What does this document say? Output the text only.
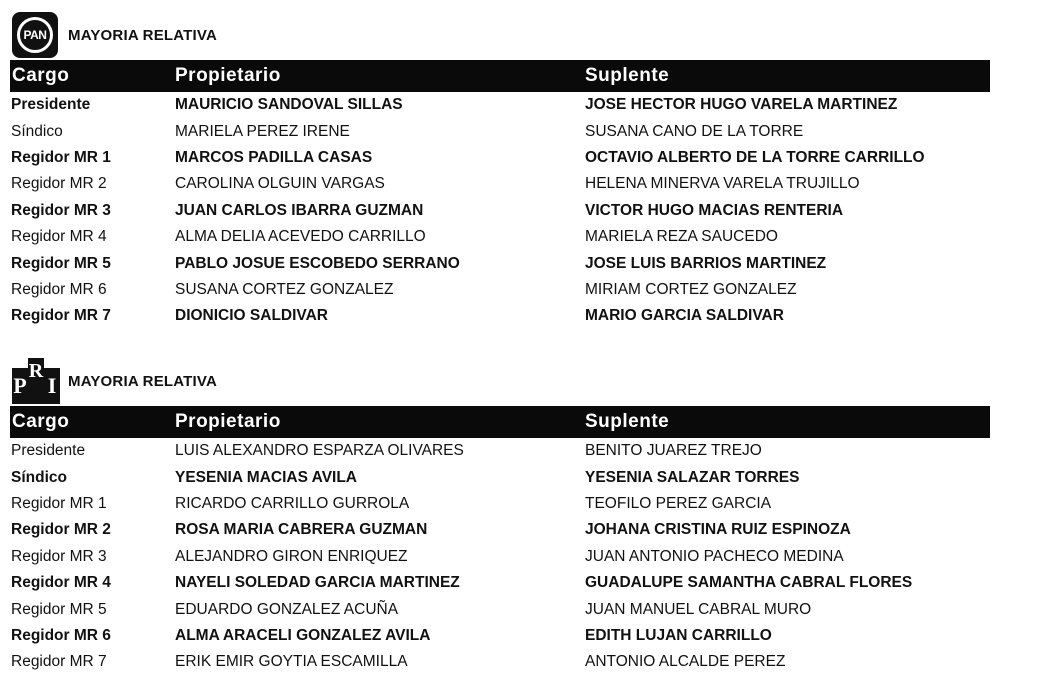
PAN	MAYORIA RELATIVA
Cargo	Propietario	Suplente
Presidente	MAURICIO SANDOVAL SILLAS	JOSE HECTOR HUGO VARELA MARTINEZ
Síndico	MARIELA PEREZ IRENE	SUSANA CANO DE LA TORRE
Regidor MR 1	MARCOS PADILLA CASAS	OCTAVIO ALBERTO DE LA TORRE CARRILLO
Regidor MR 2	CAROLINA OLGUIN VARGAS	HELENA MINERVA VARELA TRUJILLO
Regidor MR 3	JUAN CARLOS IBARRA GUZMAN	VICTOR HUGO MACIAS RENTERIA
Regidor MR 4	ALMA DELIA ACEVEDO CARRILLO	MARIELA REZA SAUCEDO
Regidor MR 5	PABLO JOSUE ESCOBEDO SERRANO	JOSE LUIS BARRIOS MARTINEZ
Regidor MR 6	SUSANA CORTEZ GONZALEZ	MIRIAM CORTEZ GONZALEZ
Regidor MR 7	DIONICIO SALDIVAR	MARIO GARCIA SALDIVAR
P
R
I MAYORIA RELATIVA
Cargo	Propietario	Suplente
Presidente	LUIS ALEXANDRO ESPARZA OLIVARES	BENITO JUAREZ TREJO
Síndico	YESENIA MACIAS AVILA	YESENIA SALAZAR TORRES
Regidor MR 1	RICARDO CARRILLO GURROLA	TEOFILO PEREZ GARCIA
Regidor MR 2	ROSA MARIA CABRERA GUZMAN	JOHANA CRISTINA RUIZ ESPINOZA
Regidor MR 3	ALEJANDRO GIRON ENRIQUEZ	JUAN ANTONIO PACHECO MEDINA
Regidor MR 4	NAYELI SOLEDAD GARCIA MARTINEZ	GUADALUPE SAMANTHA CABRAL FLORES
Regidor MR 5	EDUARDO GONZALEZ ACUÑA	JUAN MANUEL CABRAL MURO
Regidor MR 6	ALMA ARACELI GONZALEZ AVILA	EDITH LUJAN CARRILLO
Regidor MR 7	ERIK EMIR GOYTIA ESCAMILLA	ANTONIO ALCALDE PEREZ
